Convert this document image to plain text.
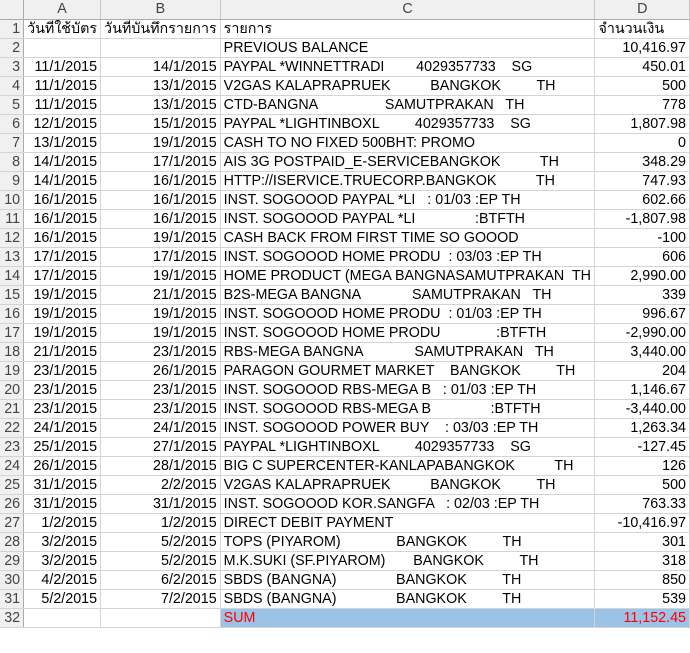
	A	B	C	D
1	วันที่ใช้บัตร	วันที่บันทึกรายการ	รายการ	จำนวนเงิน
2			PREVIOUS BALANCE	10,416.97
3	11/1/2015	14/1/2015	PAYPAL *WINNETTRADI        4029357733    SG	450.01
4	11/1/2015	13/1/2015	V2GAS KALAPRAPRUEK          BANGKOK         TH	500
5	11/1/2015	13/1/2015	CTD-BANGNA                 SAMUTPRAKAN   TH	778
6	12/1/2015	15/1/2015	PAYPAL *LIGHTINBOXL         4029357733    SG	1,807.98
7	13/1/2015	19/1/2015	CASH TO NO FIXED 500BHT: PROMO	0
8	14/1/2015	17/1/2015	AIS 3G POSTPAID_E-SERVICEBANGKOK          TH	348.29
9	14/1/2015	16/1/2015	HTTP://ISERVICE.TRUECORP.BANGKOK          TH	747.93
10	16/1/2015	16/1/2015	INST. SOGOOOD PAYPAL *LI   : 01/03 :EP TH	602.66
11	16/1/2015	16/1/2015	INST. SOGOOOD PAYPAL *LI               :BTFTH	-1,807.98
12	16/1/2015	19/1/2015	CASH BACK FROM FIRST TIME SO GOOOD	-100
13	17/1/2015	17/1/2015	INST. SOGOOOD HOME PRODU  : 03/03 :EP TH	606
14	17/1/2015	19/1/2015	HOME PRODUCT (MEGA BANGNASAMUTPRAKAN  TH	2,990.00
15	19/1/2015	21/1/2015	B2S-MEGA BANGNA             SAMUTPRAKAN   TH	339
16	19/1/2015	19/1/2015	INST. SOGOOOD HOME PRODU  : 01/03 :EP TH	996.67
17	19/1/2015	19/1/2015	INST. SOGOOOD HOME PRODU              :BTFTH	-2,990.00
18	21/1/2015	23/1/2015	RBS-MEGA BANGNA             SAMUTPRAKAN   TH	3,440.00
19	23/1/2015	26/1/2015	PARAGON GOURMET MARKET    BANGKOK         TH	204
20	23/1/2015	23/1/2015	INST. SOGOOOD RBS-MEGA B   : 01/03 :EP TH	1,146.67
21	23/1/2015	23/1/2015	INST. SOGOOOD RBS-MEGA B               :BTFTH	-3,440.00
22	24/1/2015	24/1/2015	INST. SOGOOOD POWER BUY    : 03/03 :EP TH	1,263.34
23	25/1/2015	27/1/2015	PAYPAL *LIGHTINBOXL         4029357733    SG	-127.45
24	26/1/2015	28/1/2015	BIG C SUPERCENTER-KANLAPABANGKOK          TH	126
25	31/1/2015	2/2/2015	V2GAS KALAPRAPRUEK          BANGKOK         TH	500
26	31/1/2015	31/1/2015	INST. SOGOOOD KOR.SANGFA   : 02/03 :EP TH	763.33
27	1/2/2015	1/2/2015	DIRECT DEBIT PAYMENT	-10,416.97
28	3/2/2015	5/2/2015	TOPS (PIYAROM)              BANGKOK         TH	301
29	3/2/2015	5/2/2015	M.K.SUKI (SF.PIYAROM)       BANGKOK         TH	318
30	4/2/2015	6/2/2015	SBDS (BANGNA)               BANGKOK         TH	850
31	5/2/2015	7/2/2015	SBDS (BANGNA)               BANGKOK         TH	539
32			SUM	11,152.45
